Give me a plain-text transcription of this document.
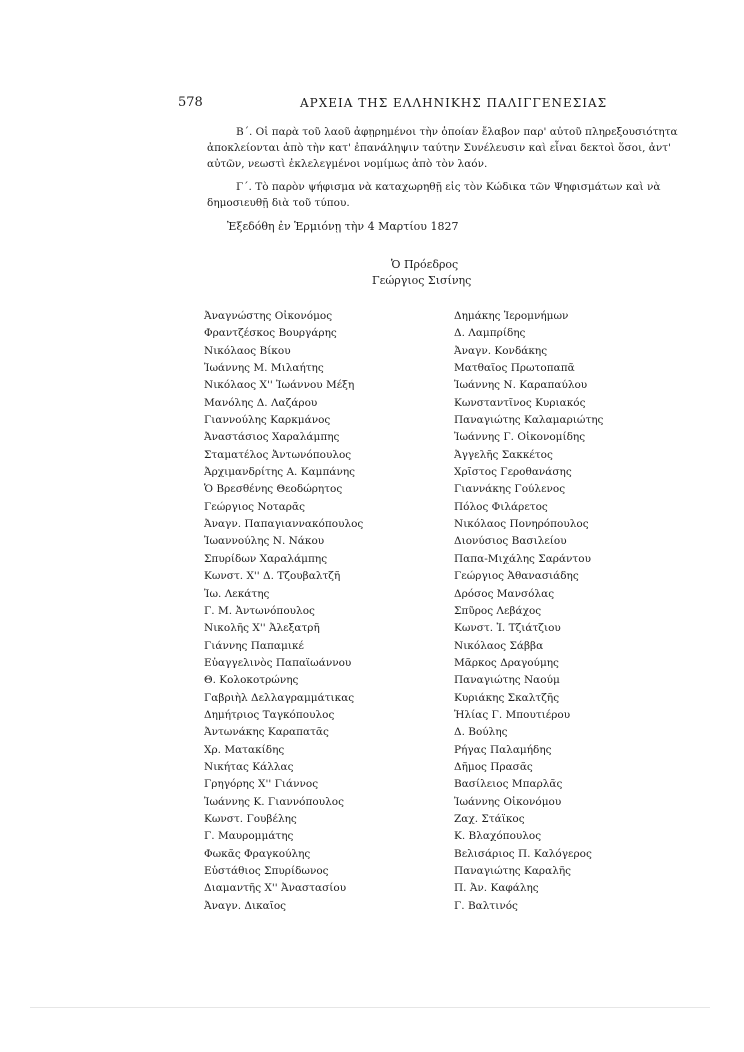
578	ΑΡΧΕΙΑ ΤΗΣ ΕΛΛΗΝΙΚΗΣ ΠΑΛΙΓΓΕΝΕΣΙΑΣ
Β΄. Οἱ παρὰ τοῦ λαοῦ ἀφῃρημένοι τὴν ὁποίαν ἔλαβον παρ' αὐτοῦ πληρεξουσιότητα
ἀποκλείονται ἀπὸ τὴν κατ' ἐπανάληψιν ταύτην Συνέλευσιν καὶ εἶναι δεκτοὶ ὅσοι, ἀντ'
αὐτῶν, νεωστὶ ἐκλελεγμένοι νομίμως ἀπὸ τὸν λαόν.
Γ΄. Τὸ παρὸν ψήφισμα νὰ καταχωρηθῇ εἰς τὸν Κώδικα τῶν Ψηφισμάτων καὶ νὰ
δημοσιευθῇ διὰ τοῦ τύπου.
Ἐξεδόθη ἐν Ἑρμιόνῃ τὴν 4 Μαρτίου 1827
Ὁ Πρόεδρος
Γεώργιος Σισίνης
Ἀναγνώστης Οἰκονόμος
Φραντζέσκος Βουργάρης
Νικόλαος Βίκου
Ἰωάννης Μ. Μιλαήτης
Νικόλαος Χ'' Ἰωάννου Μέξη
Μανόλης Δ. Λαζάρου
Γιαννούλης Καρκμάνος
Ἀναστάσιος Χαραλάμπης
Σταματέλος Ἀντωνόπουλος
Ἀρχιμανδρίτης Α. Καμπάνης
Ὁ Βρεσθένης Θεοδώρητος
Γεώργιος Νοταρᾶς
Ἀναγν. Παπαγιαννακόπουλος
Ἰωαννούλης Ν. Νάκου
Σπυρίδων Χαραλάμπης
Κωνστ. Χ'' Δ. Τζουβαλτζῆ
Ἰω. Λεκάτης
Γ. Μ. Ἀντωνόπουλος
Νικολῆς Χ'' Ἀλεξατρῆ
Γιάννης Παπαμικέ
Εὐαγγελινὸς Παπαϊωάννου
Θ. Κολοκοτρώνης
Γαβριὴλ Δελλαγραμμάτικας
Δημήτριος Ταγκόπουλος
Ἀντωνάκης Καραπατᾶς
Χρ. Ματακίδης
Νικήτας Κάλλας
Γρηγόρης Χ'' Γιάννος
Ἰωάννης Κ. Γιαννόπουλος
Κωνστ. Γουβέλης
Γ. Μαυρομμάτης
Φωκᾶς Φραγκούλης
Εὐστάθιος Σπυρίδωνος
Διαμαντῆς Χ'' Ἀναστασίου
Ἀναγν. Δικαῖος
Δημάκης Ἱερομνήμων
Δ. Λαμπρίδης
Ἀναγν. Κονδάκης
Ματθαῖος Πρωτοπαπᾶ
Ἰωάννης Ν. Καραπαύλου
Κωνσταντῖνος Κυριακός
Παναγιώτης Καλαμαριώτης
Ἰωάννης Γ. Οἰκονομίδης
Ἀγγελῆς Σακκέτος
Χρῖστος Γεροθανάσης
Γιαννάκης Γούλενος
Πόλος Φιλάρετος
Νικόλαος Πονηρόπουλος
Διονύσιος Βασιλείου
Παπα-Μιχάλης Σαράντου
Γεώργιος Ἀθανασιάδης
Δρόσος Μανσόλας
Σπῦρος Λεβάχος
Κωνστ. Ἰ. Τζιάτζιου
Νικόλαος Σάββα
Μᾶρκος Δραγούμης
Παναγιώτης Ναούμ
Κυριάκης Σκαλτζῆς
Ἠλίας Γ. Μπουτιέρου
Δ. Βούλης
Ρήγας Παλαμήδης
Δῆμος Πρασᾶς
Βασίλειος Μπαρλᾶς
Ἰωάννης Οἰκονόμου
Ζαχ. Στάϊκος
Κ. Βλαχόπουλος
Βελισάριος Π. Καλόγερος
Παναγιώτης Καραλῆς
Π. Ἀν. Καφάλης
Γ. Βαλτινός
